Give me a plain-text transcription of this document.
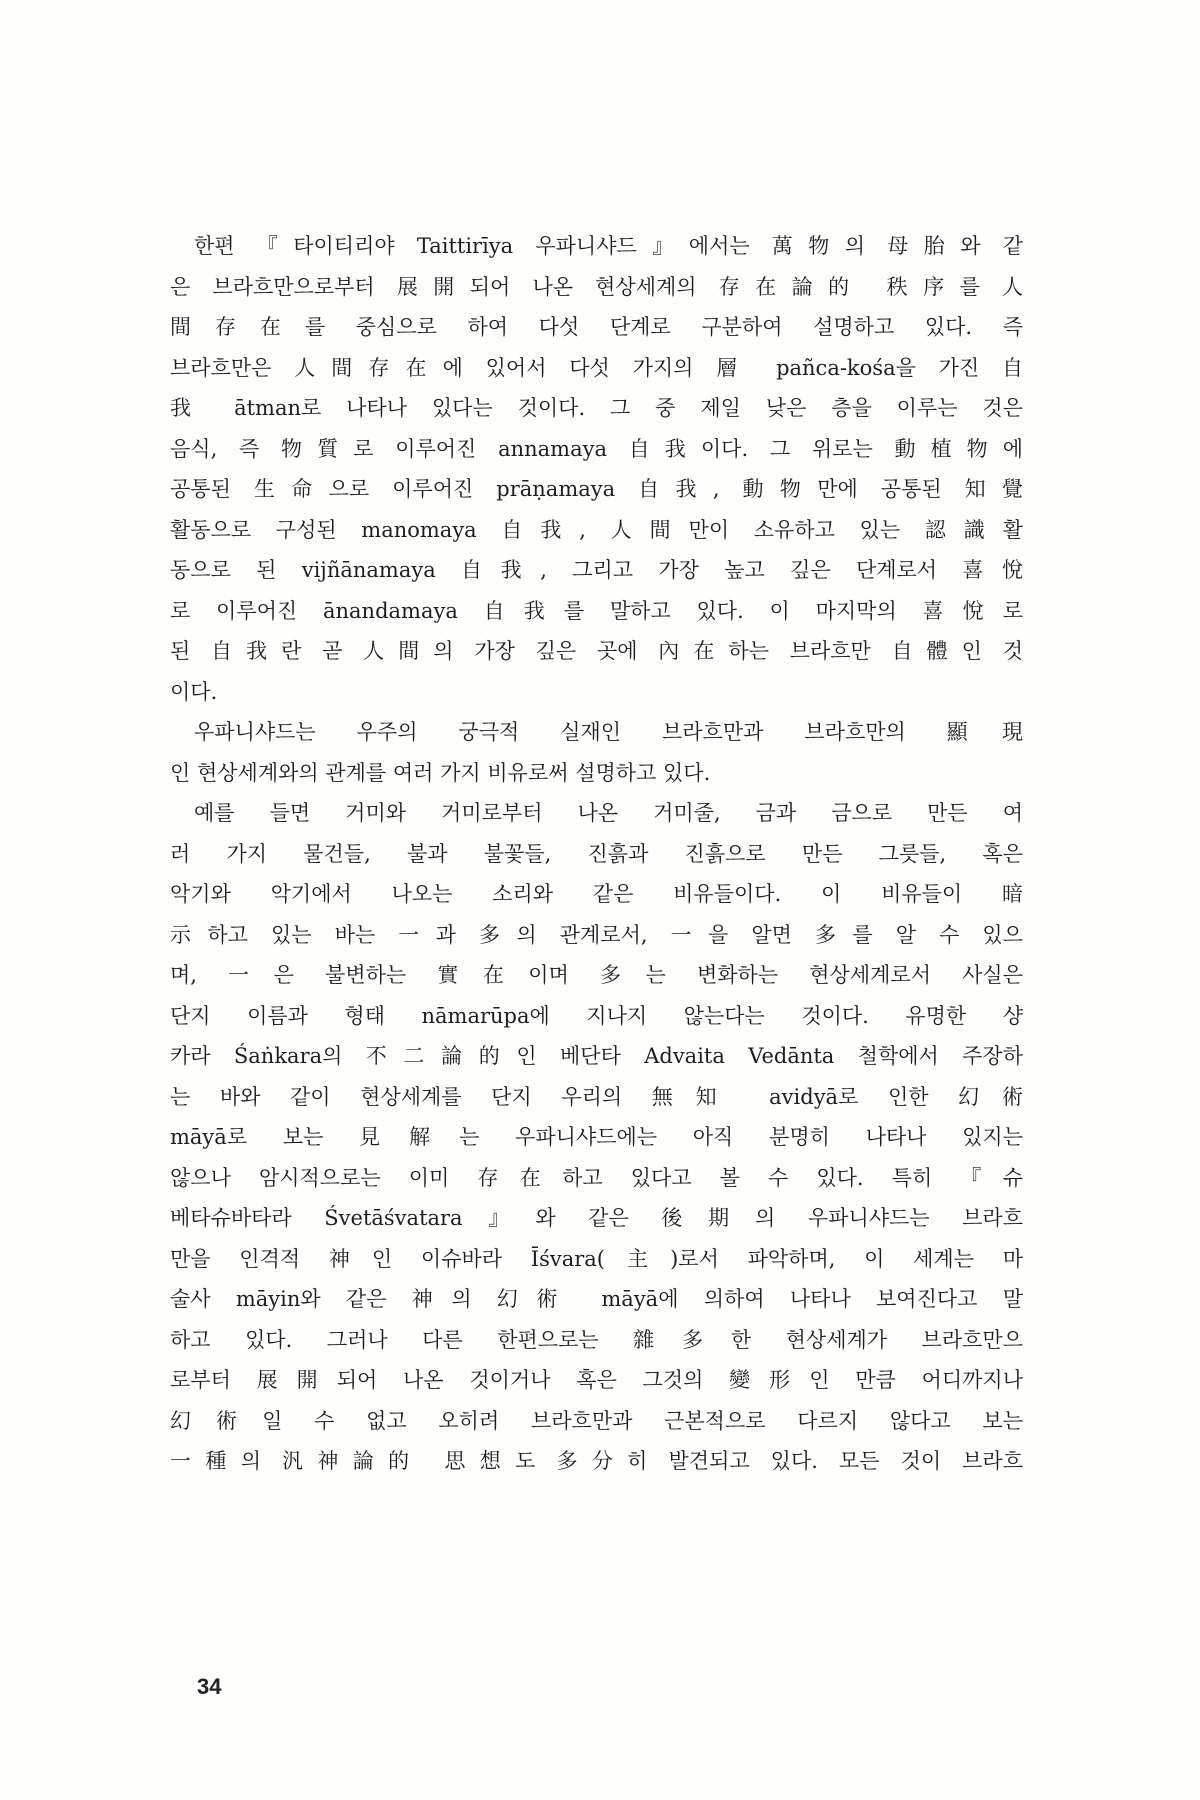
한편 『타이티리야 Taittirīya 우파니샤드』에서는 萬物의 母胎와 같
은 브라흐만으로부터 展開되어 나온 현상세계의 存在論的 秩序를 人
間存在를 중심으로 하여 다섯 단계로 구분하여 설명하고 있다. 즉
브라흐만은 人間存在에 있어서 다섯 가지의 層 pañca-kośa을 가진 自
我 ātman로 나타나 있다는 것이다. 그 중 제일 낮은 층을 이루는 것은
음식, 즉 物質로 이루어진 annamaya 自我이다. 그 위로는 動植物에
공통된 生命으로 이루어진 prāṇamaya 自我, 動物만에 공통된 知覺
활동으로 구성된 manomaya 自我, 人間만이 소유하고 있는 認識활
동으로 된 vijñānamaya 自我, 그리고 가장 높고 깊은 단계로서 喜悅
로 이루어진 ānandamaya 自我를 말하고 있다. 이 마지막의 喜悅로
된 自我란 곧 人間의 가장 깊은 곳에 內在하는 브라흐만 自體인 것
이다.
우파니샤드는 우주의 궁극적 실재인 브라흐만과 브라흐만의 顯現
인 현상세계와의 관계를 여러 가지 비유로써 설명하고 있다.
예를 들면 거미와 거미로부터 나온 거미줄, 금과 금으로 만든 여
러 가지 물건들, 불과 불꽃들, 진흙과 진흙으로 만든 그릇들, 혹은
악기와 악기에서 나오는 소리와 같은 비유들이다. 이 비유들이 暗
示하고 있는 바는 一과 多의 관계로서, 一을 알면 多를 알 수 있으
며, 一은 불변하는 實在이며 多는 변화하는 현상세계로서 사실은
단지 이름과 형태 nāmarūpa에 지나지 않는다는 것이다. 유명한 샹
카라 Śaṅkara의 不二論的인 베단타 Advaita Vedānta 철학에서 주장하
는 바와 같이 현상세계를 단지 우리의 無知 avidyā로 인한 幻術
māyā로 보는 見解는 우파니샤드에는 아직 분명히 나타나 있지는
않으나 암시적으로는 이미 存在하고 있다고 볼 수 있다. 특히 『슈
베타슈바타라 Śvetāśvatara』와 같은 後期의 우파니샤드는 브라흐
만을 인격적 神인 이슈바라 Īśvara(主)로서 파악하며, 이 세계는 마
술사 māyin와 같은 神의 幻術 māyā에 의하여 나타나 보여진다고 말
하고 있다. 그러나 다른 한편으로는 雜多한 현상세계가 브라흐만으
로부터 展開되어 나온 것이거나 혹은 그것의 變形인 만큼 어디까지나
幻術일 수 없고 오히려 브라흐만과 근본적으로 다르지 않다고 보는
一種의 汎神論的 思想도 多分히 발견되고 있다. 모든 것이 브라흐
34
